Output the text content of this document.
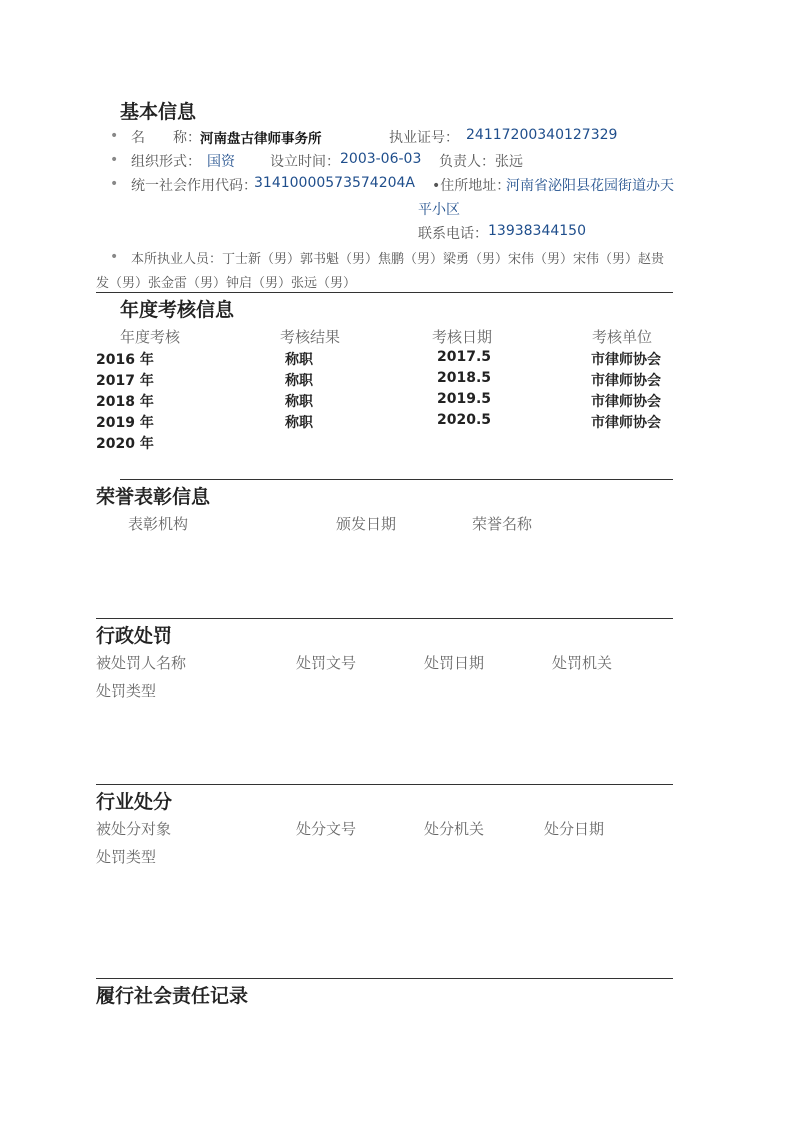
基本信息
• 名　　称： 河南盘古律师事务所	执业证号： 24117200340127329
• 组织形式： 国资	设立时间： 2003-06-03 负责人： 张远
• 统一社会作用代码：
31410000573574204A •住所地址：
河南省泌阳县花园街道办天
平小区
联系电话： 13938344150
• 本所执业人员：丁士新（男）郭书魁（男）焦鹏（男）梁勇（男）宋伟（男）宋伟（男）赵贵
发（男）张金雷（男）钟启（男）张远（男）
年度考核信息
年度考核	考核结果	考核日期	考核单位
2016 年	称职	2017.5	市律师协会
2017 年	称职	2018.5	市律师协会
2018 年	称职	2019.5	市律师协会
2019 年	称职	2020.5	市律师协会
2020 年
荣誉表彰信息
表彰机构	颁发日期	荣誉名称
行政处罚
被处罚人名称	处罚文号	处罚日期	处罚机关
处罚类型
行业处分
被处分对象	处分文号	处分机关	处分日期
处罚类型
履行社会责任记录
